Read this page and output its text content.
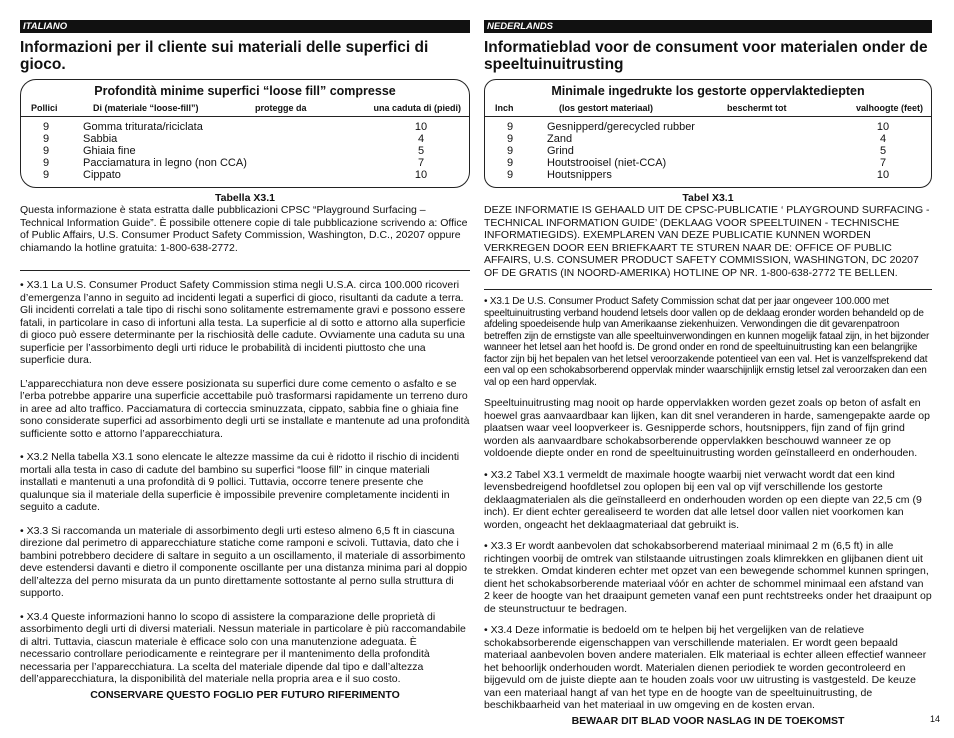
ITALIANO
Informazioni per il cliente sui materiali delle superfici di gioco.
Profondità minime superfici “loose fill” compresse
Pollici	Di (materiale “loose-fill”)	protegge da	una caduta di (piedi)
9	Gomma triturata/riciclata	10
9	Sabbia	4
9	Ghiaia fine	5
9	Pacciamatura in legno (non CCA)	7
9	Cippato	10
Tabella X3.1

Questa informazione è stata estratta dalle pubblicazioni CPSC “Playground Surfacing – Technical Information Guide”. È possibile ottenere copie di tale pubblicazione scrivendo a: Office of Public Affairs, U.S. Consumer Product Safety Commission, Washington, D.C., 20207 oppure chiamando la hotline gratuita: 1-800-638-2772.

• X3.1 La U.S. Consumer Product Safety Commission stima negli U.S.A. circa 100.000 ricoveri d’emergenza l’anno in seguito ad incidenti legati a superfici di gioco, risultanti da cadute a terra. Gli incidenti correlati a tale tipo di rischi sono solitamente estremamente gravi e possono essere fatali, in particolare in caso di infortuni alla testa. La superficie al di sotto e attorno alla superficie di gioco può essere determinante per la rischiosità delle cadute. Ovviamente una caduta su una superficie per l’assorbimento degli urti riduce le probabilità di incidenti piuttosto che una superficie dura.

L’apparecchiatura non deve essere posizionata su superfici dure come cemento o asfalto e se l’erba potrebbe apparire una superficie accettabile può trasformarsi rapidamente un terreno duro in aree ad alto traffico. Pacciamatura di corteccia sminuzzata, cippato, sabbia fine o ghiaia fine sono considerate superfici ad assorbimento degli urti se installate e mantenute ad una profondità sufficiente sotto e attorno l’apparecchiatura.

• X3.2 Nella tabella X3.1 sono elencate le altezze massime da cui è ridotto il rischio di incidenti mortali alla testa in caso di cadute del bambino su superfici “loose fill” in cinque materiali installati e mantenuti a una profondità di 9 pollici. Tuttavia, occorre tenere presente che qualunque sia il materiale della superficie è impossibile prevenire completamente incidenti in seguito a cadute.

• X3.3 Si raccomanda un materiale di assorbimento degli urti esteso almeno 6,5 ft in ciascuna direzione dal perimetro di apparecchiature statiche come ramponi e scivoli. Tuttavia, dato che i bambini potrebbero decidere di saltare in seguito a un oscillamento, il materiale di assorbimento deve estendersi davanti e dietro il componente oscillante per una distanza minima pari al doppio dell’altezza del perno misurata da un punto direttamente sottostante al perno sulla struttura di supporto.

• X3.4 Queste informazioni hanno lo scopo di assistere la comparazione delle proprietà di assorbimento degli urti di diversi materiali. Nessun materiale in particolare è più raccomandabile di altri. Tuttavia, ciascun materiale è efficace solo con una manutenzione adeguata. È necessario controllare periodicamente e reintegrare per il mantenimento della profondità necessaria per l’apparecchiatura. La scelta del materiale dipende dal tipo e dall’altezza dell’apparecchiatura, la disponibilità del materiale nella propria area e il suo costo.

CONSERVARE QUESTO FOGLIO PER FUTURO RIFERIMENTO
NEDERLANDS
Informatieblad voor de consument voor materialen onder de speeltuinuitrusting
Minimale ingedrukte los gestorte oppervlaktediepten
Inch	(los gestort materiaal)	beschermt tot	valhoogte (feet)
9	Gesnipperd/gerecycled rubber	10
9	Zand	4
9	Grind	5
9	Houtstrooisel (niet-CCA)	7
9	Houtsnippers	10
Tabel X3.1

DEZE INFORMATIE IS GEHAALD UIT DE CPSC-PUBLICATIE ‘ PLAYGROUND SURFACING - TECHNICAL INFORMATION GUIDE’ (DEKLAAG VOOR SPEELTUINEN - TECHNISCHE INFORMATIEGIDS). EXEMPLAREN VAN DEZE PUBLICATIE KUNNEN WORDEN VERKREGEN DOOR EEN BRIEFKAART TE STUREN NAAR DE: OFFICE OF PUBLIC AFFAIRS, U.S. CONSUMER PRODUCT SAFETY COMMISSION, WASHINGTON, DC 20207 OF DE GRATIS (IN NOORD-AMERIKA) HOTLINE OP NR. 1-800-638-2772 TE BELLEN.

• X3.1 De U.S. Consumer Product Safety Commission schat dat per jaar ongeveer 100.000 met speeltuinuitrusting verband houdend letsels door vallen op de deklaag eronder worden behandeld op de afdeling spoedeisende hulp van Amerikaanse ziekenhuizen. Verwondingen die dit gevarenpatroon betreffen zijn de ernstigste van alle speeltuinverwondingen en kunnen mogelijk fataal zijn, in het bijzonder wanneer het letsel aan het hoofd is. De grond onder en rond de speeltuinuitrusting kan een belangrijke factor zijn bij het bepalen van het letsel veroorzakende potentieel van een val. Het is vanzelfsprekend dat een val op een schokabsorberend oppervlak minder waarschijnlijk ernstig letsel zal veroorzaken dan een val op een hard oppervlak.

Speeltuinuitrusting mag nooit op harde oppervlakken worden gezet zoals op beton of asfalt en hoewel gras aanvaardbaar kan lijken, kan dit snel veranderen in harde, samengepakte aarde op plaatsen waar veel loopverkeer is. Gesnipperde schors, houtsnippers, fijn zand of fijn grind worden als aanvaardbare schokabsorberende oppervlakken beschouwd wanneer ze op voldoende diepte onder en rond de speeltuinuitrusting worden geïnstalleerd en onderhouden.

• X3.2 Tabel X3.1 vermeldt de maximale hoogte waarbij niet verwacht wordt dat een kind levensbedreigend hoofdletsel zou oplopen bij een val op vijf verschillende los gestorte deklaagmaterialen als die geïnstalleerd en onderhouden worden op een diepte van 22,5 cm (9 inch). Er dient echter gerealiseerd te worden dat alle letsel door vallen niet voorkomen kan worden, ongeacht het deklaagmateriaal dat gebruikt is.

• X3.3 Er wordt aanbevolen dat schokabsorberend materiaal minimaal 2 m (6,5 ft) in alle richtingen voorbij de omtrek van stilstaande uitrustingen zoals klimrekken en glijbanen dient uit te strekken. Omdat kinderen echter met opzet van een bewegende schommel kunnen springen, dient het schokabsorberende materiaal vóór en achter de schommel minimaal een afstand van 2 keer de hoogte van het draaipunt gemeten vanaf een punt rechtstreeks onder het draaipunt op de steunstructuur te bedragen.

• X3.4 Deze informatie is bedoeld om te helpen bij het vergelijken van de relatieve schokabsorberende eigenschappen van verschillende materialen. Er wordt geen bepaald materiaal aanbevolen boven andere materialen. Elk materiaal is echter alleen effectief wanneer het behoorlijk onderhouden wordt. Materialen dienen periodiek te worden gecontroleerd en bijgevuld om de juiste diepte aan te houden zoals voor uw uitrusting is vastgesteld. De keuze van een materiaal hangt af van het type en de hoogte van de speeltuinuitrusting, de beschikbaarheid van het materiaal in uw omgeving en de kosten ervan.

BEWAAR DIT BLAD VOOR NASLAG IN DE TOEKOMST	14
